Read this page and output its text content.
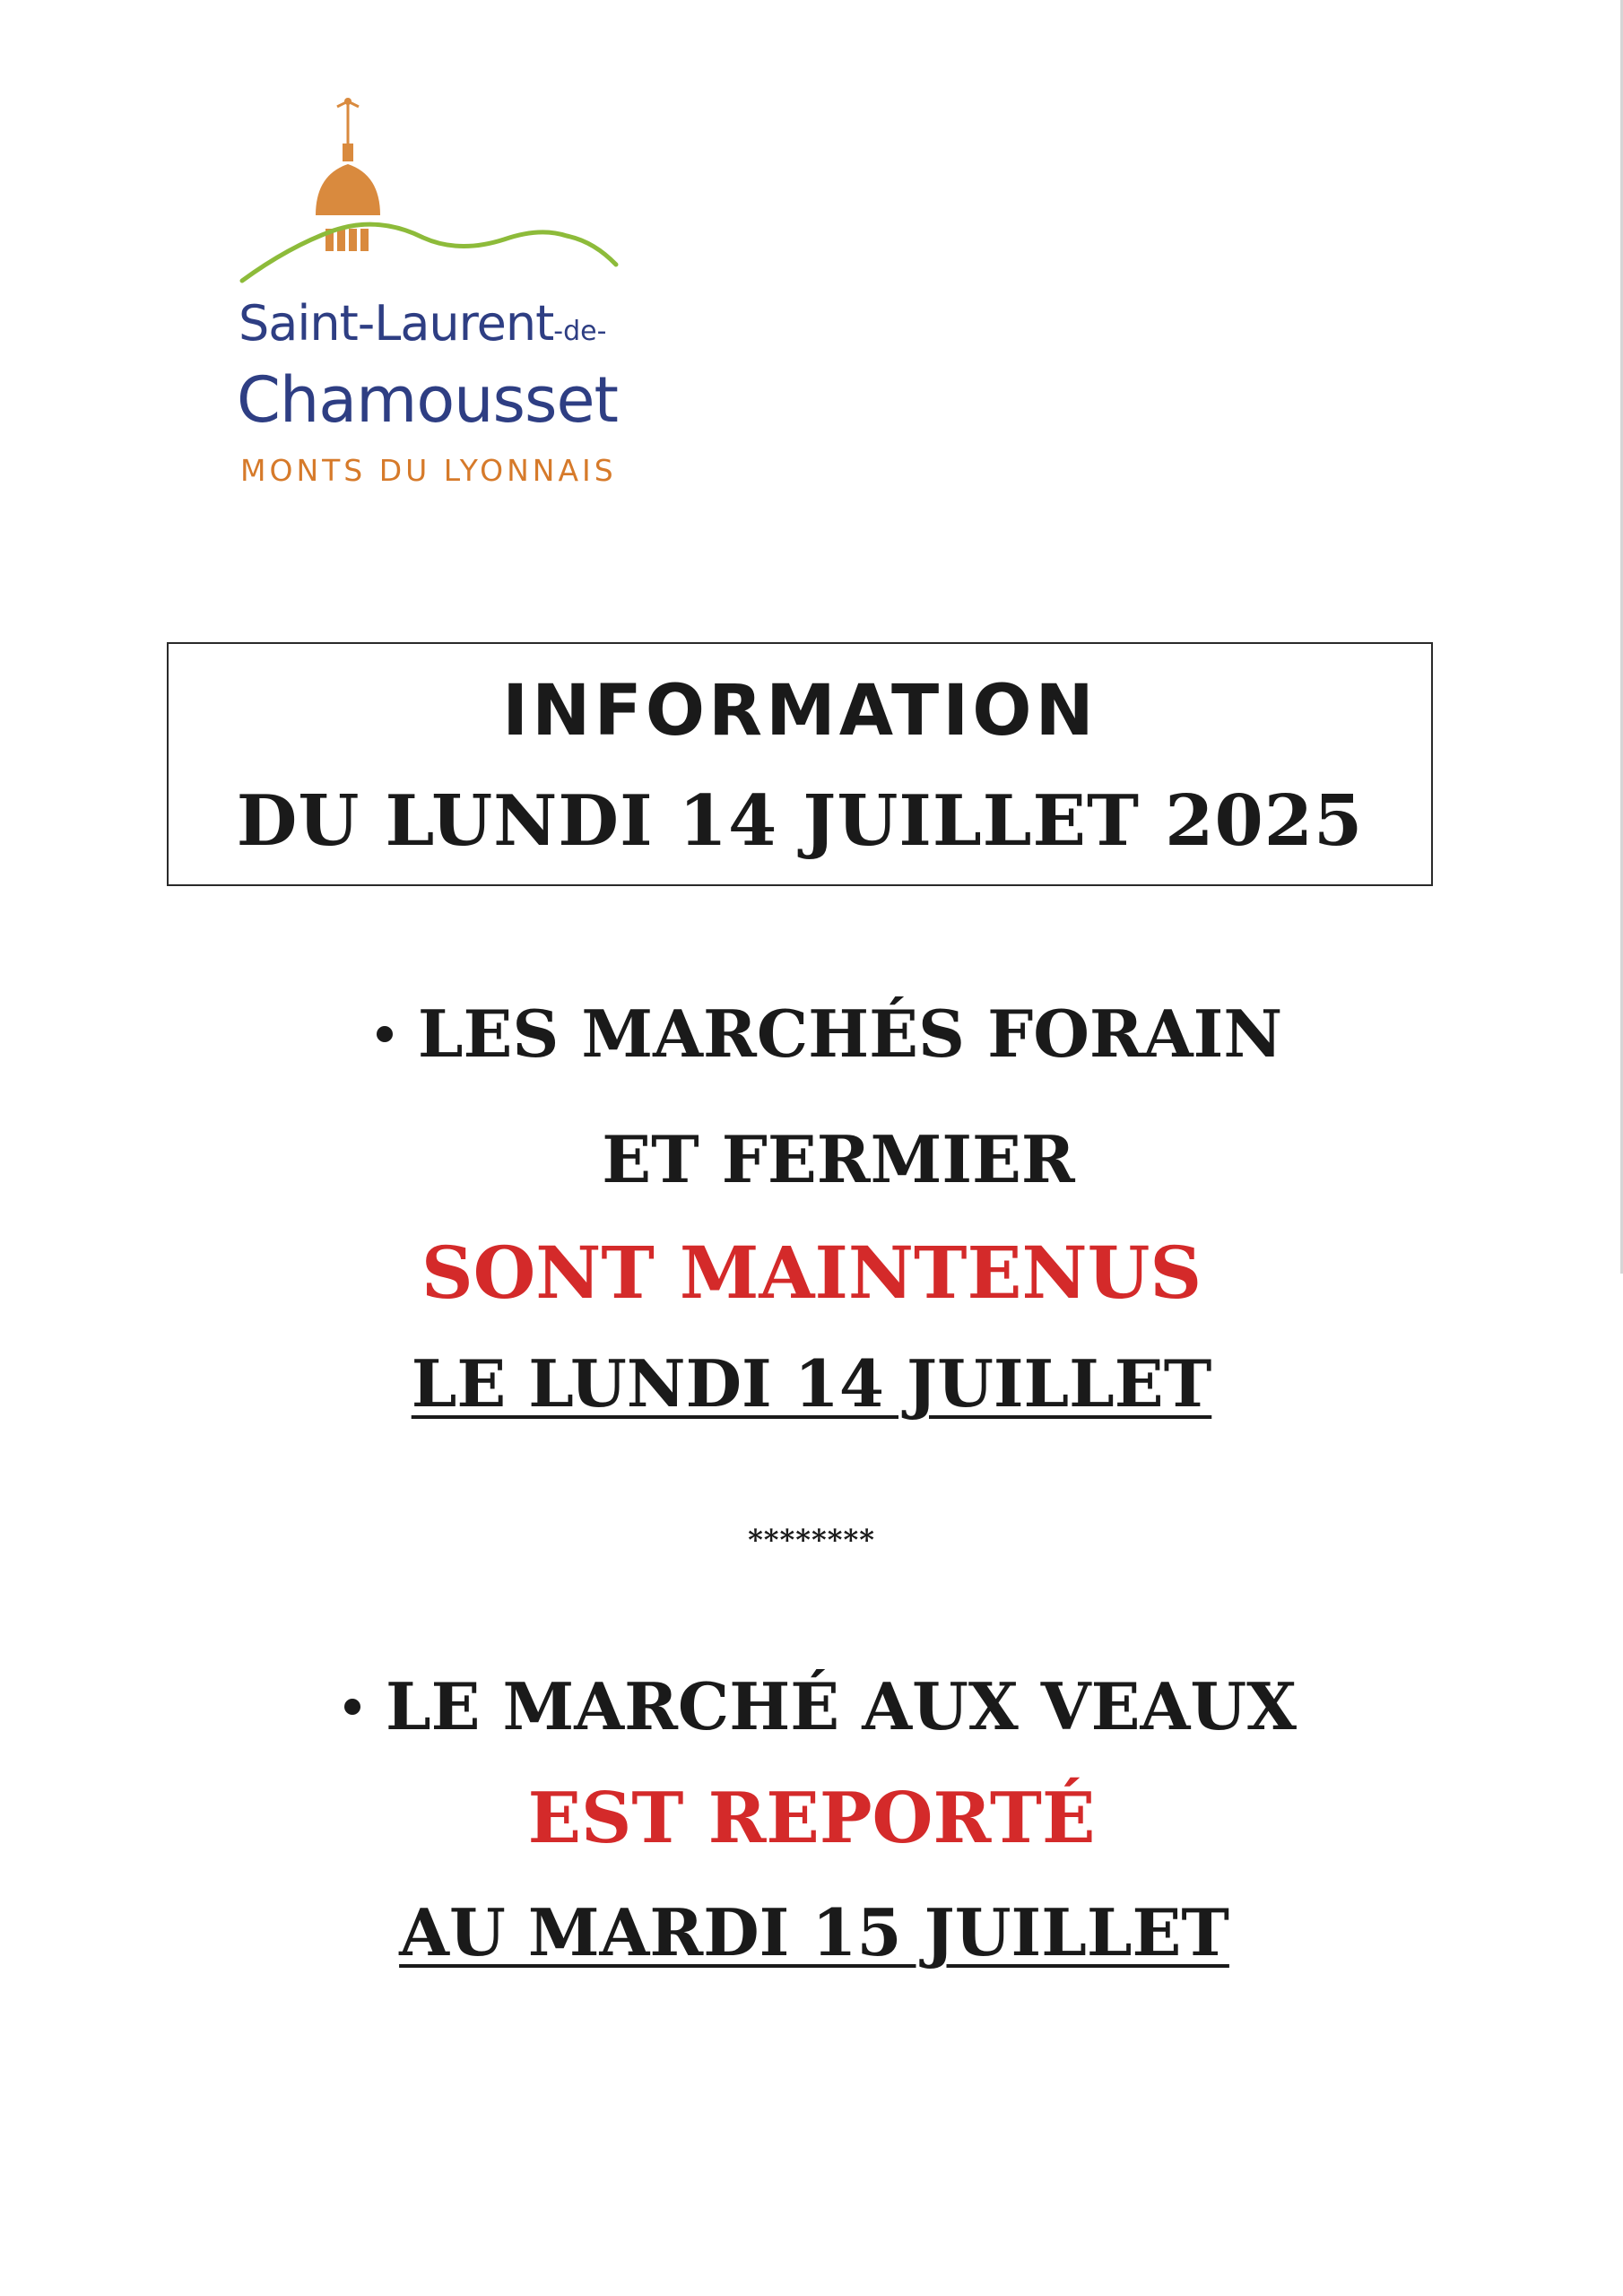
Saint-Laurent-de-
Chamousset
MONTS DU LYONNAIS
INFORMATION
DU LUNDI 14 JUILLET 2025
LES MARCHÉS FORAIN
ET FERMIER
SONT MAINTENUS
LE LUNDI 14 JUILLET
********
LE MARCHÉ AUX VEAUX
EST REPORTÉ
AU MARDI 15 JUILLET
